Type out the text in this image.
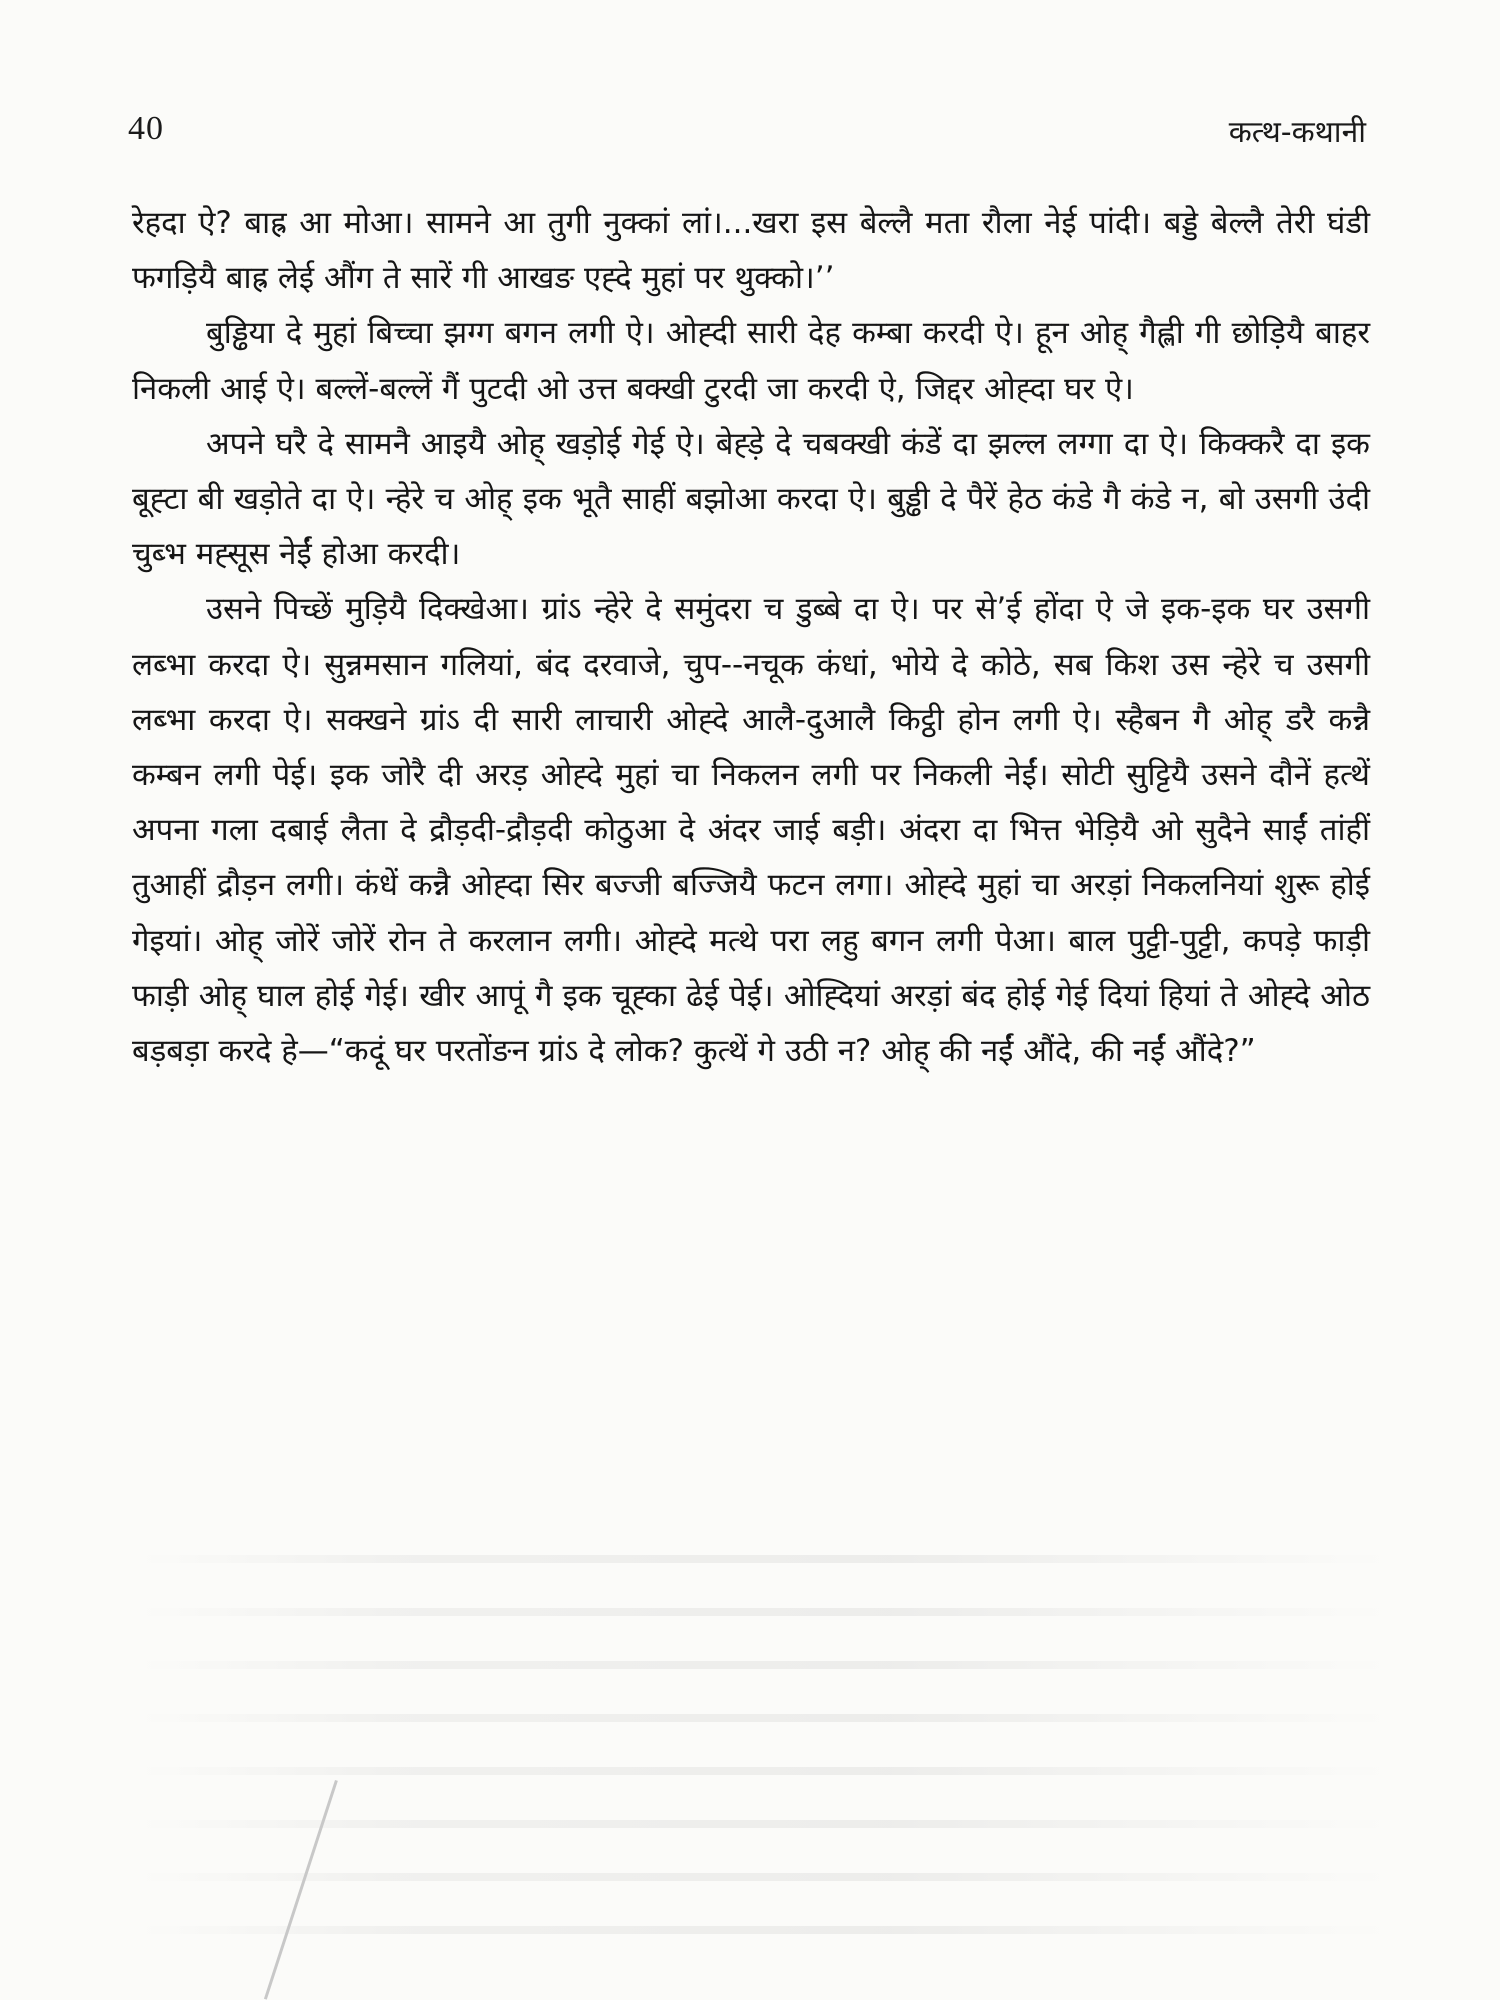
40	कत्थ-कथानी

रेहदा ऐ? बाह्र आ मोआ। सामने आ तुगी नुक्कां लां।...खरा इस बेल्लै मता रौला नेई पांदी। बड्डे बेल्लै तेरी घंडी फगड़ियै बाह्र लेई औंग ते सारें गी आखङ एह्दे मुहां पर थुक्को।’’

बुड्ढिया दे मुहां बिच्चा झग्ग बगन लगी ऐ। ओह्दी सारी देह कम्बा करदी ऐ। हून ओह् गैह्ली गी छोड़ियै बाहर निकली आई ऐ। बल्लें-बल्लें गैं पुटदी ओ उत्त बक्खी टुरदी जा करदी ऐ, जिद्दर ओह्दा घर ऐ।

अपने घरै दे सामनै आइयै ओह् खड़ोई गेई ऐ। बेह्ड़े दे चबक्खी कंडें दा झल्ल लग्गा दा ऐ। किक्करै दा इक बूह्टा बी खड़ोते दा ऐ। न्हेरे च ओह् इक भूतै साहीं बझोआ करदा ऐ। बुड्ढी दे पैरें हेठ कंडे गै कंडे न, बो उसगी उंदी चुब्भ मह्सूस नेईं होआ करदी।

उसने पिच्छें मुड़ियै दिक्खेआ। ग्रांऽ न्हेरे दे समुंदरा च डुब्बे दा ऐ। पर से’ई होंदा ऐ जे इक-इक घर उसगी लब्भा करदा ऐ। सुन्नमसान गलियां, बंद दरवाजे, चुप--नचूक कंधां, भोये दे कोठे, सब किश उस न्हेरे च उसगी लब्भा करदा ऐ। सक्खने ग्रांऽ दी सारी लाचारी ओह्दे आलै-दुआलै किट्ठी होन लगी ऐ। स्हैबन गै ओह् डरै कन्नै कम्बन लगी पेई। इक जोरै दी अरड़ ओह्दे मुहां चा निकलन लगी पर निकली नेईं। सोटी सुट्टियै उसने दौनें हत्थें अपना गला दबाई लैता दे द्रौड़दी-द्रौड़दी कोठुआ दे अंदर जाई बड़ी। अंदरा दा भित्त भेड़ियै ओ सुदैने साईं तांहीं तुआहीं द्रौड़न लगी। कंधें कन्नै ओह्दा सिर बज्जी बज्जियै फटन लगा। ओह्दे मुहां चा अरड़ां निकलनियां शुरू होई गेइयां। ओह् जोरें जोरें रोन ते करलान लगी। ओह्दे मत्थे परा लहु बगन लगी पेआ। बाल पुट्टी-पुट्टी, कपड़े फाड़ी फाड़ी ओह् घाल होई गेई। खीर आपूं गै इक चूह्का ढेई पेई। ओह्दियां अरड़ां बंद होई गेई दियां हियां ते ओह्दे ओठ बड़बड़ा करदे हे—“कदूं घर परतोंङन ग्रांऽ दे लोक? कुत्थें गे उठी न? ओह् की नईं औंदे, की नईं औंदे?”
